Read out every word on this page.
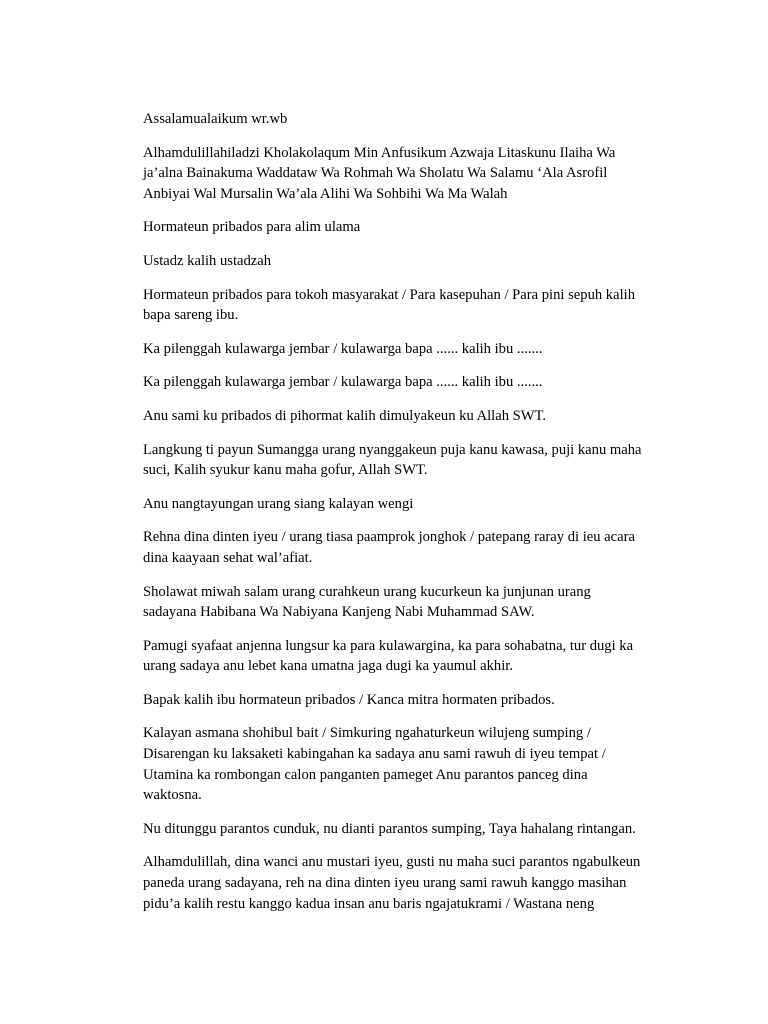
Assalamualaikum wr.wb

Alhamdulillahiladzi Kholakolaqum Min Anfusikum Azwaja Litaskunu Ilaiha Wa
ja’alna Bainakuma Waddataw Wa Rohmah Wa Sholatu Wa Salamu ‘Ala Asrofil
Anbiyai Wal Mursalin Wa’ala Alihi Wa Sohbihi Wa Ma Walah

Hormateun pribados para alim ulama

Ustadz kalih ustadzah

Hormateun pribados para tokoh masyarakat / Para kasepuhan / Para pini sepuh kalih
bapa sareng ibu.

Ka pilenggah kulawarga jembar / kulawarga bapa ...... kalih ibu .......

Ka pilenggah kulawarga jembar / kulawarga bapa ...... kalih ibu .......

Anu sami ku pribados di pihormat kalih dimulyakeun ku Allah SWT.

Langkung ti payun Sumangga urang nyanggakeun puja kanu kawasa, puji kanu maha
suci, Kalih syukur kanu maha gofur, Allah SWT.

Anu nangtayungan urang siang kalayan wengi

Rehna dina dinten iyeu / urang tiasa paamprok jonghok / patepang raray di ieu acara
dina kaayaan sehat wal’afiat.

Sholawat miwah salam urang curahkeun urang kucurkeun ka junjunan urang
sadayana Habibana Wa Nabiyana Kanjeng Nabi Muhammad SAW.

Pamugi syafaat anjenna lungsur ka para kulawargina, ka para sohabatna, tur dugi ka
urang sadaya anu lebet kana umatna jaga dugi ka yaumul akhir.

Bapak kalih ibu hormateun pribados / Kanca mitra hormaten pribados.

Kalayan asmana shohibul bait / Simkuring ngahaturkeun wilujeng sumping /
Disarengan ku laksaketi kabingahan ka sadaya anu sami rawuh di iyeu tempat /
Utamina ka rombongan calon panganten pameget Anu parantos panceg dina
waktosna.

Nu ditunggu parantos cunduk, nu dianti parantos sumping, Taya hahalang rintangan.

Alhamdulillah, dina wanci anu mustari iyeu, gusti nu maha suci parantos ngabulkeun
paneda urang sadayana, reh na dina dinten iyeu urang sami rawuh kanggo masihan
pidu’a kalih restu kanggo kadua insan anu baris ngajatukrami / Wastana neng
